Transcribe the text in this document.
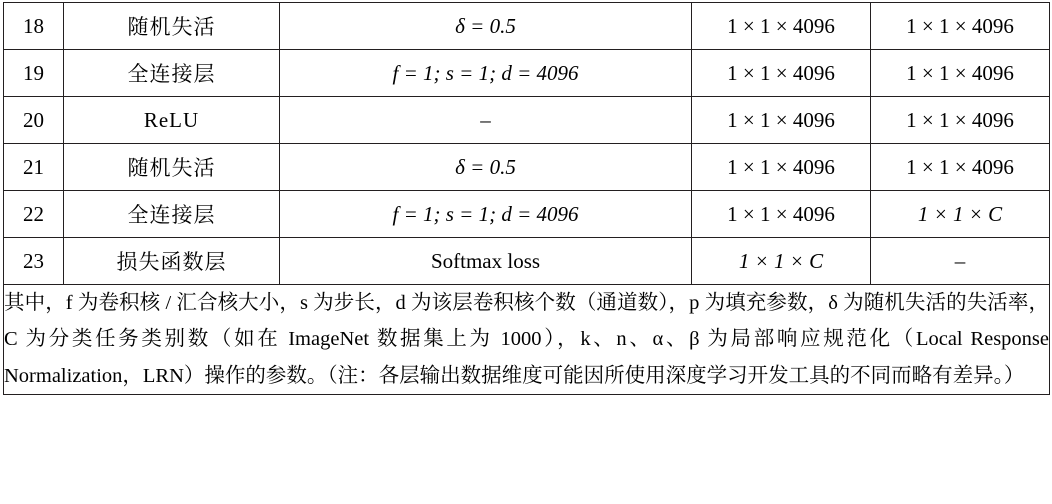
18	随机失活	δ = 0.5	1 × 1 × 4096	1 × 1 × 4096
19	全连接层	f = 1; s = 1; d = 4096	1 × 1 × 4096	1 × 1 × 4096
20	ReLU	–	1 × 1 × 4096	1 × 1 × 4096
21	随机失活	δ = 0.5	1 × 1 × 4096	1 × 1 × 4096
22	全连接层	f = 1; s = 1; d = 4096	1 × 1 × 4096	1 × 1 × C
23	损失函数层	Softmax loss	1 × 1 × C	–

其中，f 为卷积核 / 汇合核大小，s 为步长，d 为该层卷积核个数（通道数），p 为填充参数，δ 为随机失活的失活率，C 为分类任务类别数（如在 ImageNet 数据集上为 1000），k、n、α、β 为局部响应规范化（Local Response Normalization，LRN）操作的参数。（注：各层输出数据维度可能因所使用深度学习开发工具的不同而略有差异。）				
